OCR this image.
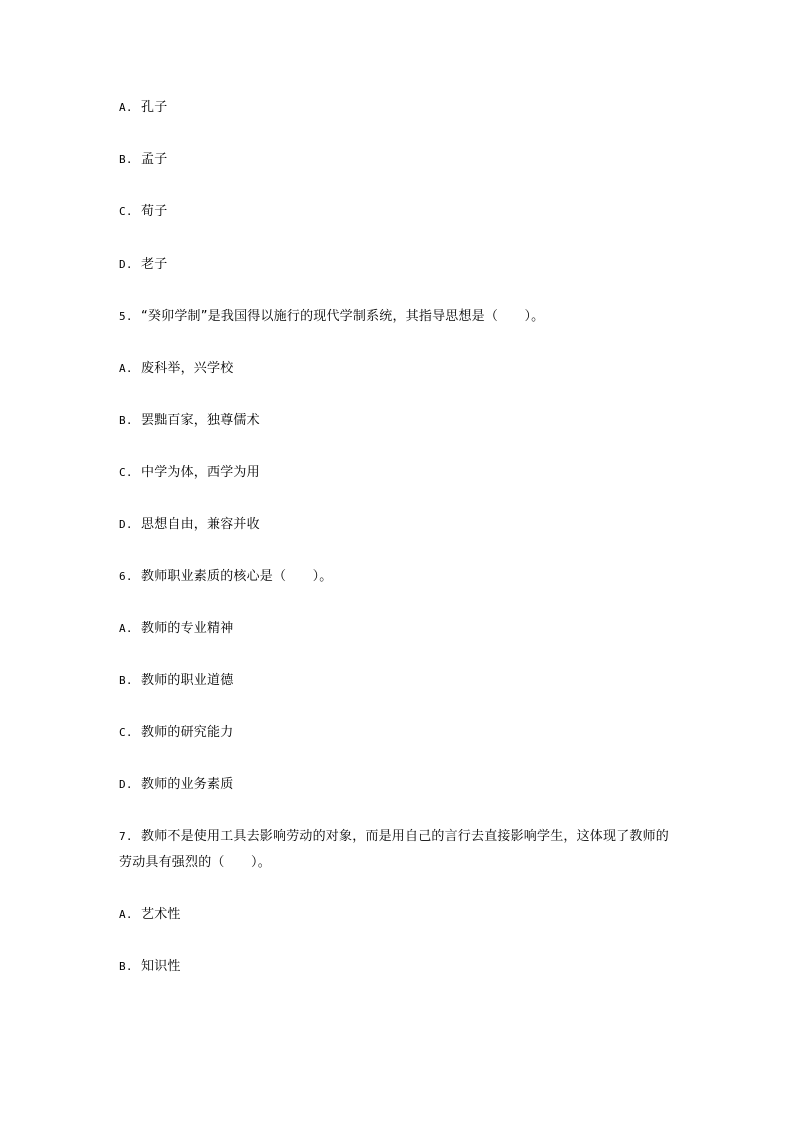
A. 孔子
B. 孟子
C. 荀子
D. 老子
5. “癸卯学制”是我国得以施行的现代学制系统，其指导思想是（　　）。
A. 废科举，兴学校
B. 罢黜百家，独尊儒术
C. 中学为体，西学为用
D. 思想自由，兼容并收
6. 教师职业素质的核心是（　　）。
A. 教师的专业精神
B. 教师的职业道德
C. 教师的研究能力
D. 教师的业务素质
7. 教师不是使用工具去影响劳动的对象，而是用自己的言行去直接影响学生，这体现了教师的劳动具有强烈的（　　）。
A. 艺术性
B. 知识性
